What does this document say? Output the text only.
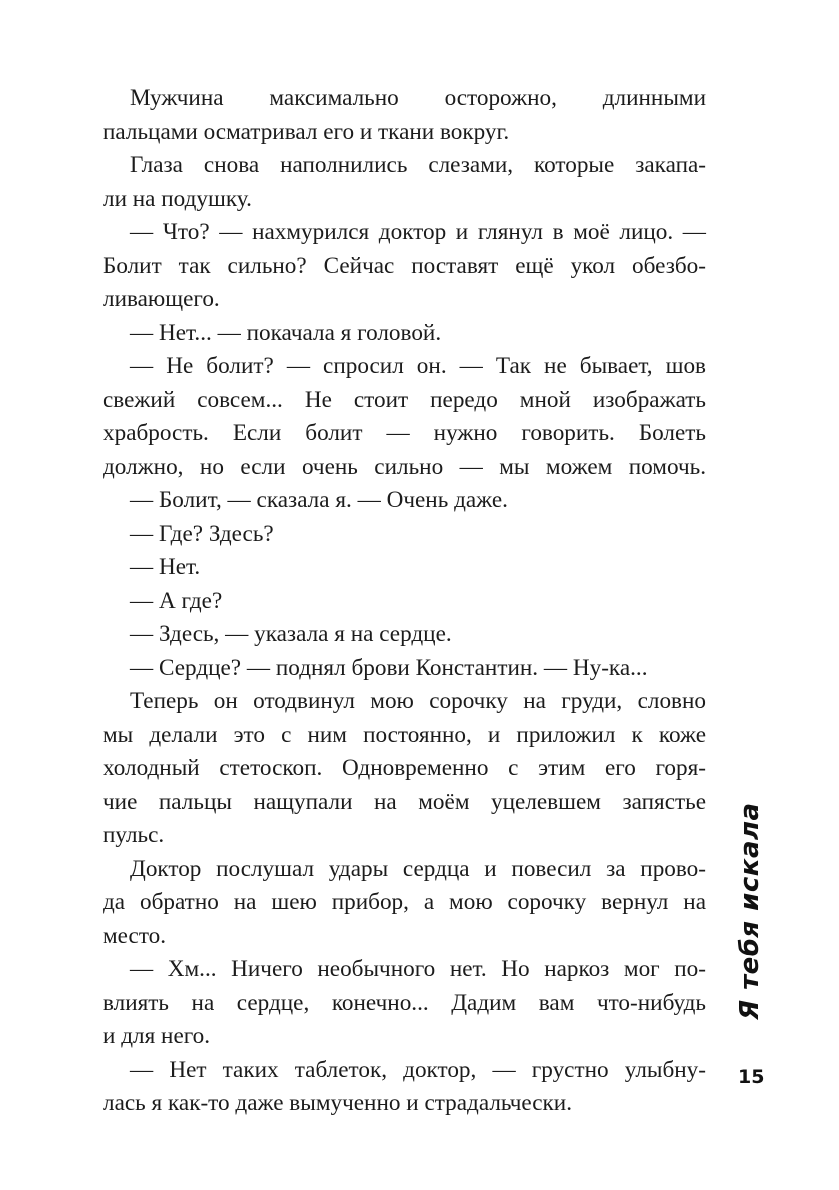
Мужчина максимально осторожно, длинными
пальцами осматривал его и ткани вокруг.
Глаза снова наполнились слезами, которые закапа-
ли на подушку.
— Что? — нахмурился доктор и глянул в моё лицо. —
Болит так сильно? Сейчас поставят ещё укол обезбо-
ливающего.
— Нет... — покачала я головой.
— Не болит? — спросил он. — Так не бывает, шов
свежий совсем... Не стоит передо мной изображать
храбрость. Если болит — нужно говорить. Болеть
должно, но если очень сильно — мы можем помочь.
— Болит, — сказала я. — Очень даже.
— Где? Здесь?
— Нет.
— А где?
— Здесь, — указала я на сердце.
— Сердце? — поднял брови Константин. — Ну-ка...
Теперь он отодвинул мою сорочку на груди, словно
мы делали это с ним постоянно, и приложил к коже
холодный стетоскоп. Одновременно с этим его горя-
чие пальцы нащупали на моём уцелевшем запястье
пульс.
Доктор послушал удары сердца и повесил за прово-
да обратно на шею прибор, а мою сорочку вернул на
место.
— Хм... Ничего необычного нет. Но наркоз мог по-
влиять на сердце, конечно... Дадим вам что-нибудь
и для него.
— Нет таких таблеток, доктор, — грустно улыбну-
лась я как-то даже вымученно и страдальчески.
Я тебя искала
15
